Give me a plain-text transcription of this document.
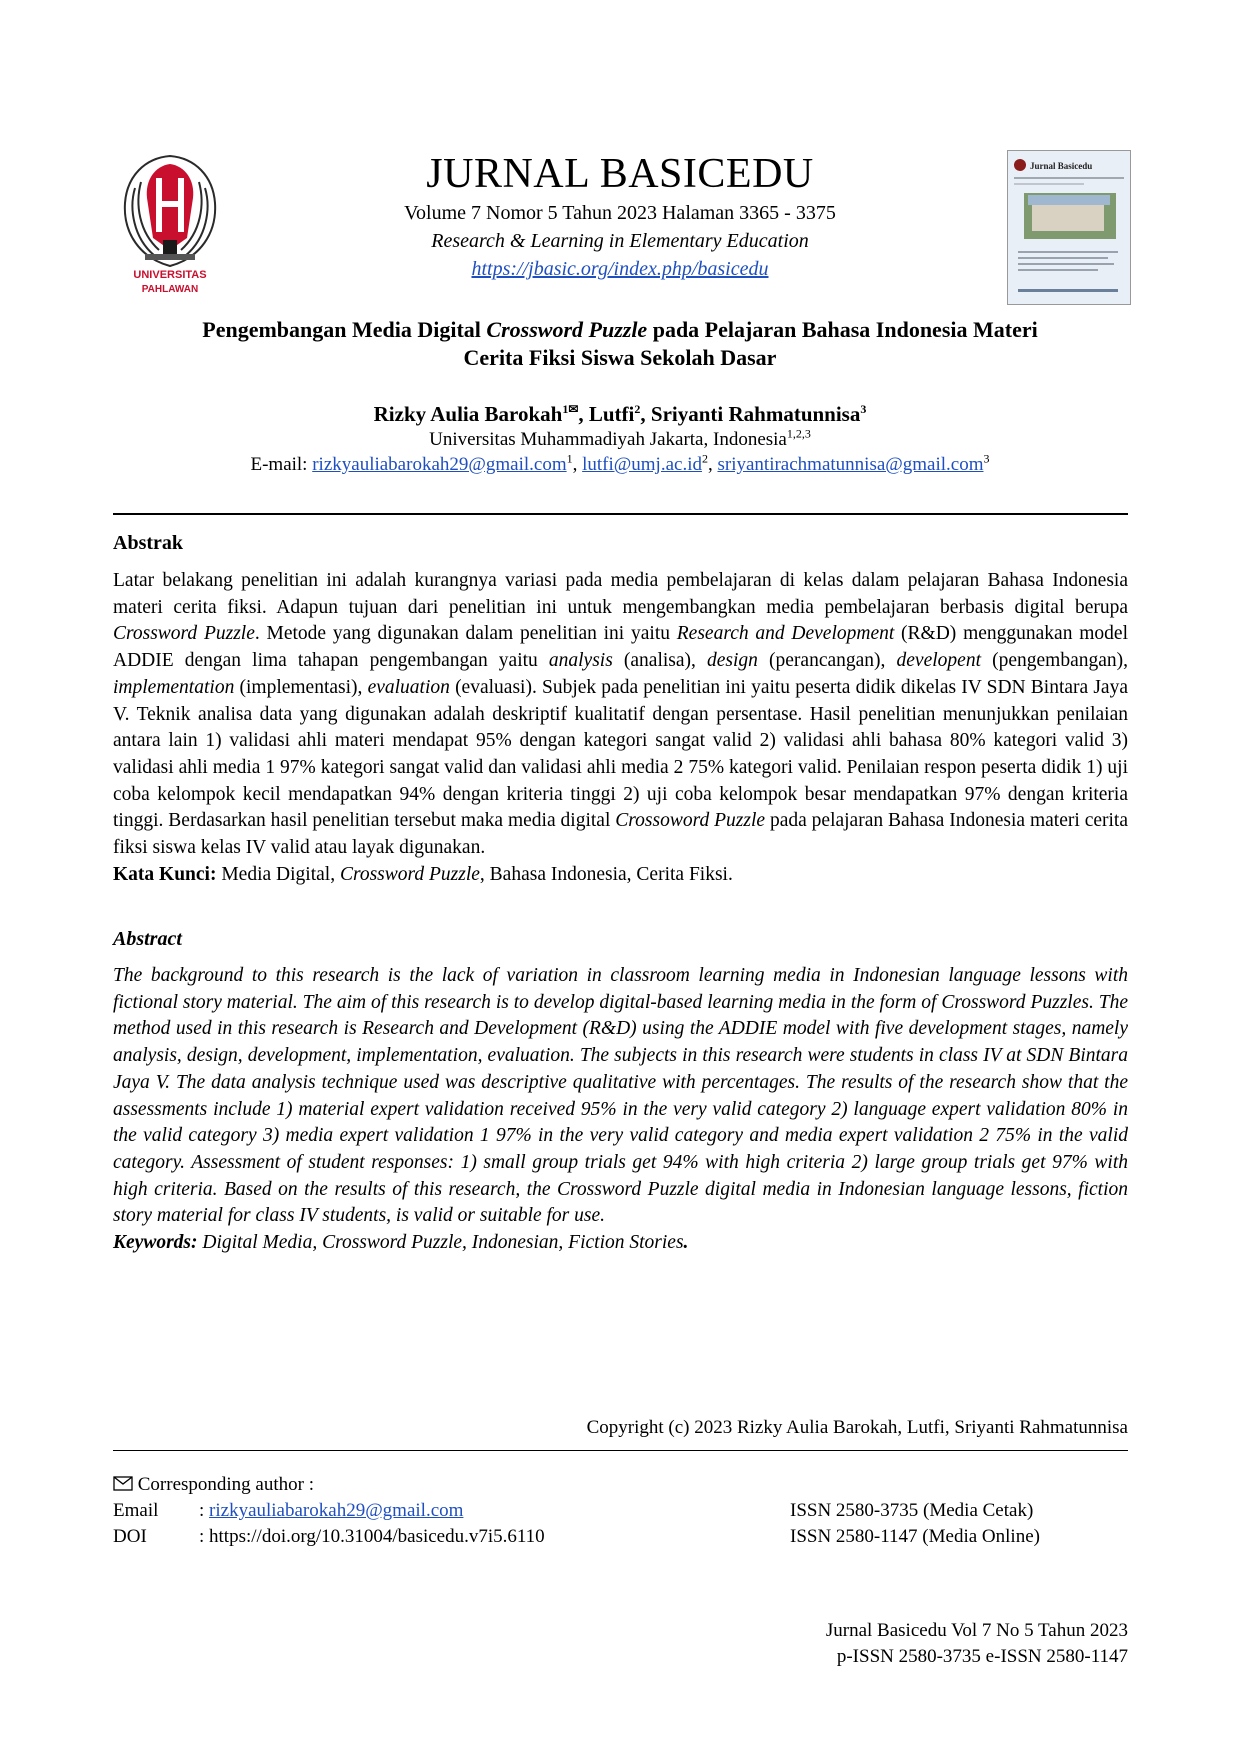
UNIVERSITAS
PAHLAWAN
JURNAL BASICEDU
Volume 7 Nomor 5 Tahun 2023 Halaman 3365 - 3375
Research & Learning in Elementary Education
https://jbasic.org/index.php/basicedu
Jurnal Basicedu
Pengembangan Media Digital Crossword Puzzle pada Pelajaran Bahasa Indonesia Materi
Cerita Fiksi Siswa Sekolah Dasar
Rizky Aulia Barokah$^{1✉}$, Lutfi$^2$, Sriyanti Rahmatunnisa$^3$
Universitas Muhammadiyah Jakarta, Indonesia$^{1,2,3}$
E-mail: rizkyauliabarokah29@gmail.com$^1$, $lutfi@umj.ac.id^2$, sriyantirachmatunnisa@gmail.com$^3$
Abstrak

Latar belakang penelitian ini adalah kurangnya variasi pada media pembelajaran di kelas dalam pelajaran Bahasa Indonesia materi cerita fiksi. Adapun tujuan dari penelitian ini untuk mengembangkan media pembelajaran berbasis digital berupa Crossword Puzzle. Metode yang digunakan dalam penelitian ini yaitu Research and Development (R&D) menggunakan model ADDIE dengan lima tahapan pengembangan yaitu analysis (analisa), design (perancangan), developent (pengembangan), implementation (implementasi), evaluation (evaluasi). Subjek pada penelitian ini yaitu peserta didik dikelas IV SDN Bintara Jaya V. Teknik analisa data yang digunakan adalah deskriptif kualitatif dengan persentase. Hasil penelitian menunjukkan penilaian antara lain 1) validasi ahli materi mendapat 95% dengan kategori sangat valid 2) validasi ahli bahasa 80% kategori valid 3) validasi ahli media 1 97% kategori sangat valid dan validasi ahli media 2 75% kategori valid. Penilaian respon peserta didik 1) uji coba kelompok kecil mendapatkan 94% dengan kriteria tinggi 2) uji coba kelompok besar mendapatkan 97% dengan kriteria tinggi. Berdasarkan hasil penelitian tersebut maka media digital Crossoword Puzzle pada pelajaran Bahasa Indonesia materi cerita fiksi siswa kelas IV valid atau layak digunakan.

Kata Kunci: Media Digital, Crossword Puzzle, Bahasa Indonesia, Cerita Fiksi.

Abstract

The background to this research is the lack of variation in classroom learning media in Indonesian language lessons with fictional story material. The aim of this research is to develop digital-based learning media in the form of Crossword Puzzles. The method used in this research is Research and Development (R&D) using the ADDIE model with five development stages, namely analysis, design, development, implementation, evaluation. The subjects in this research were students in class IV at SDN Bintara Jaya V. The data analysis technique used was descriptive qualitative with percentages. The results of the research show that the assessments include 1) material expert validation received 95% in the very valid category 2) language expert validation 80% in the valid category 3) media expert validation 1 97% in the very valid category and media expert validation 2 75% in the valid category. Assessment of student responses: 1) small group trials get 94% with high criteria 2) large group trials get 97% with high criteria. Based on the results of this research, the Crossword Puzzle digital media in Indonesian language lessons, fiction story material for class IV students, is valid or suitable for use.

Keywords: Digital Media, Crossword Puzzle, Indonesian, Fiction Stories.

Copyright (c) 2023 Rizky Aulia Barokah, Lutfi, Sriyanti Rahmatunnisa
Corresponding author :
Email : rizkyauliabarokah29@gmail.com
DOI	: https://doi.org/10.31004/basicedu.v7i5.6110
ISSN 2580-3735 (Media Cetak)
ISSN 2580-1147 (Media Online)
Jurnal Basicedu Vol 7 No 5 Tahun 2023
p-ISSN 2580-3735 e-ISSN 2580-1147
